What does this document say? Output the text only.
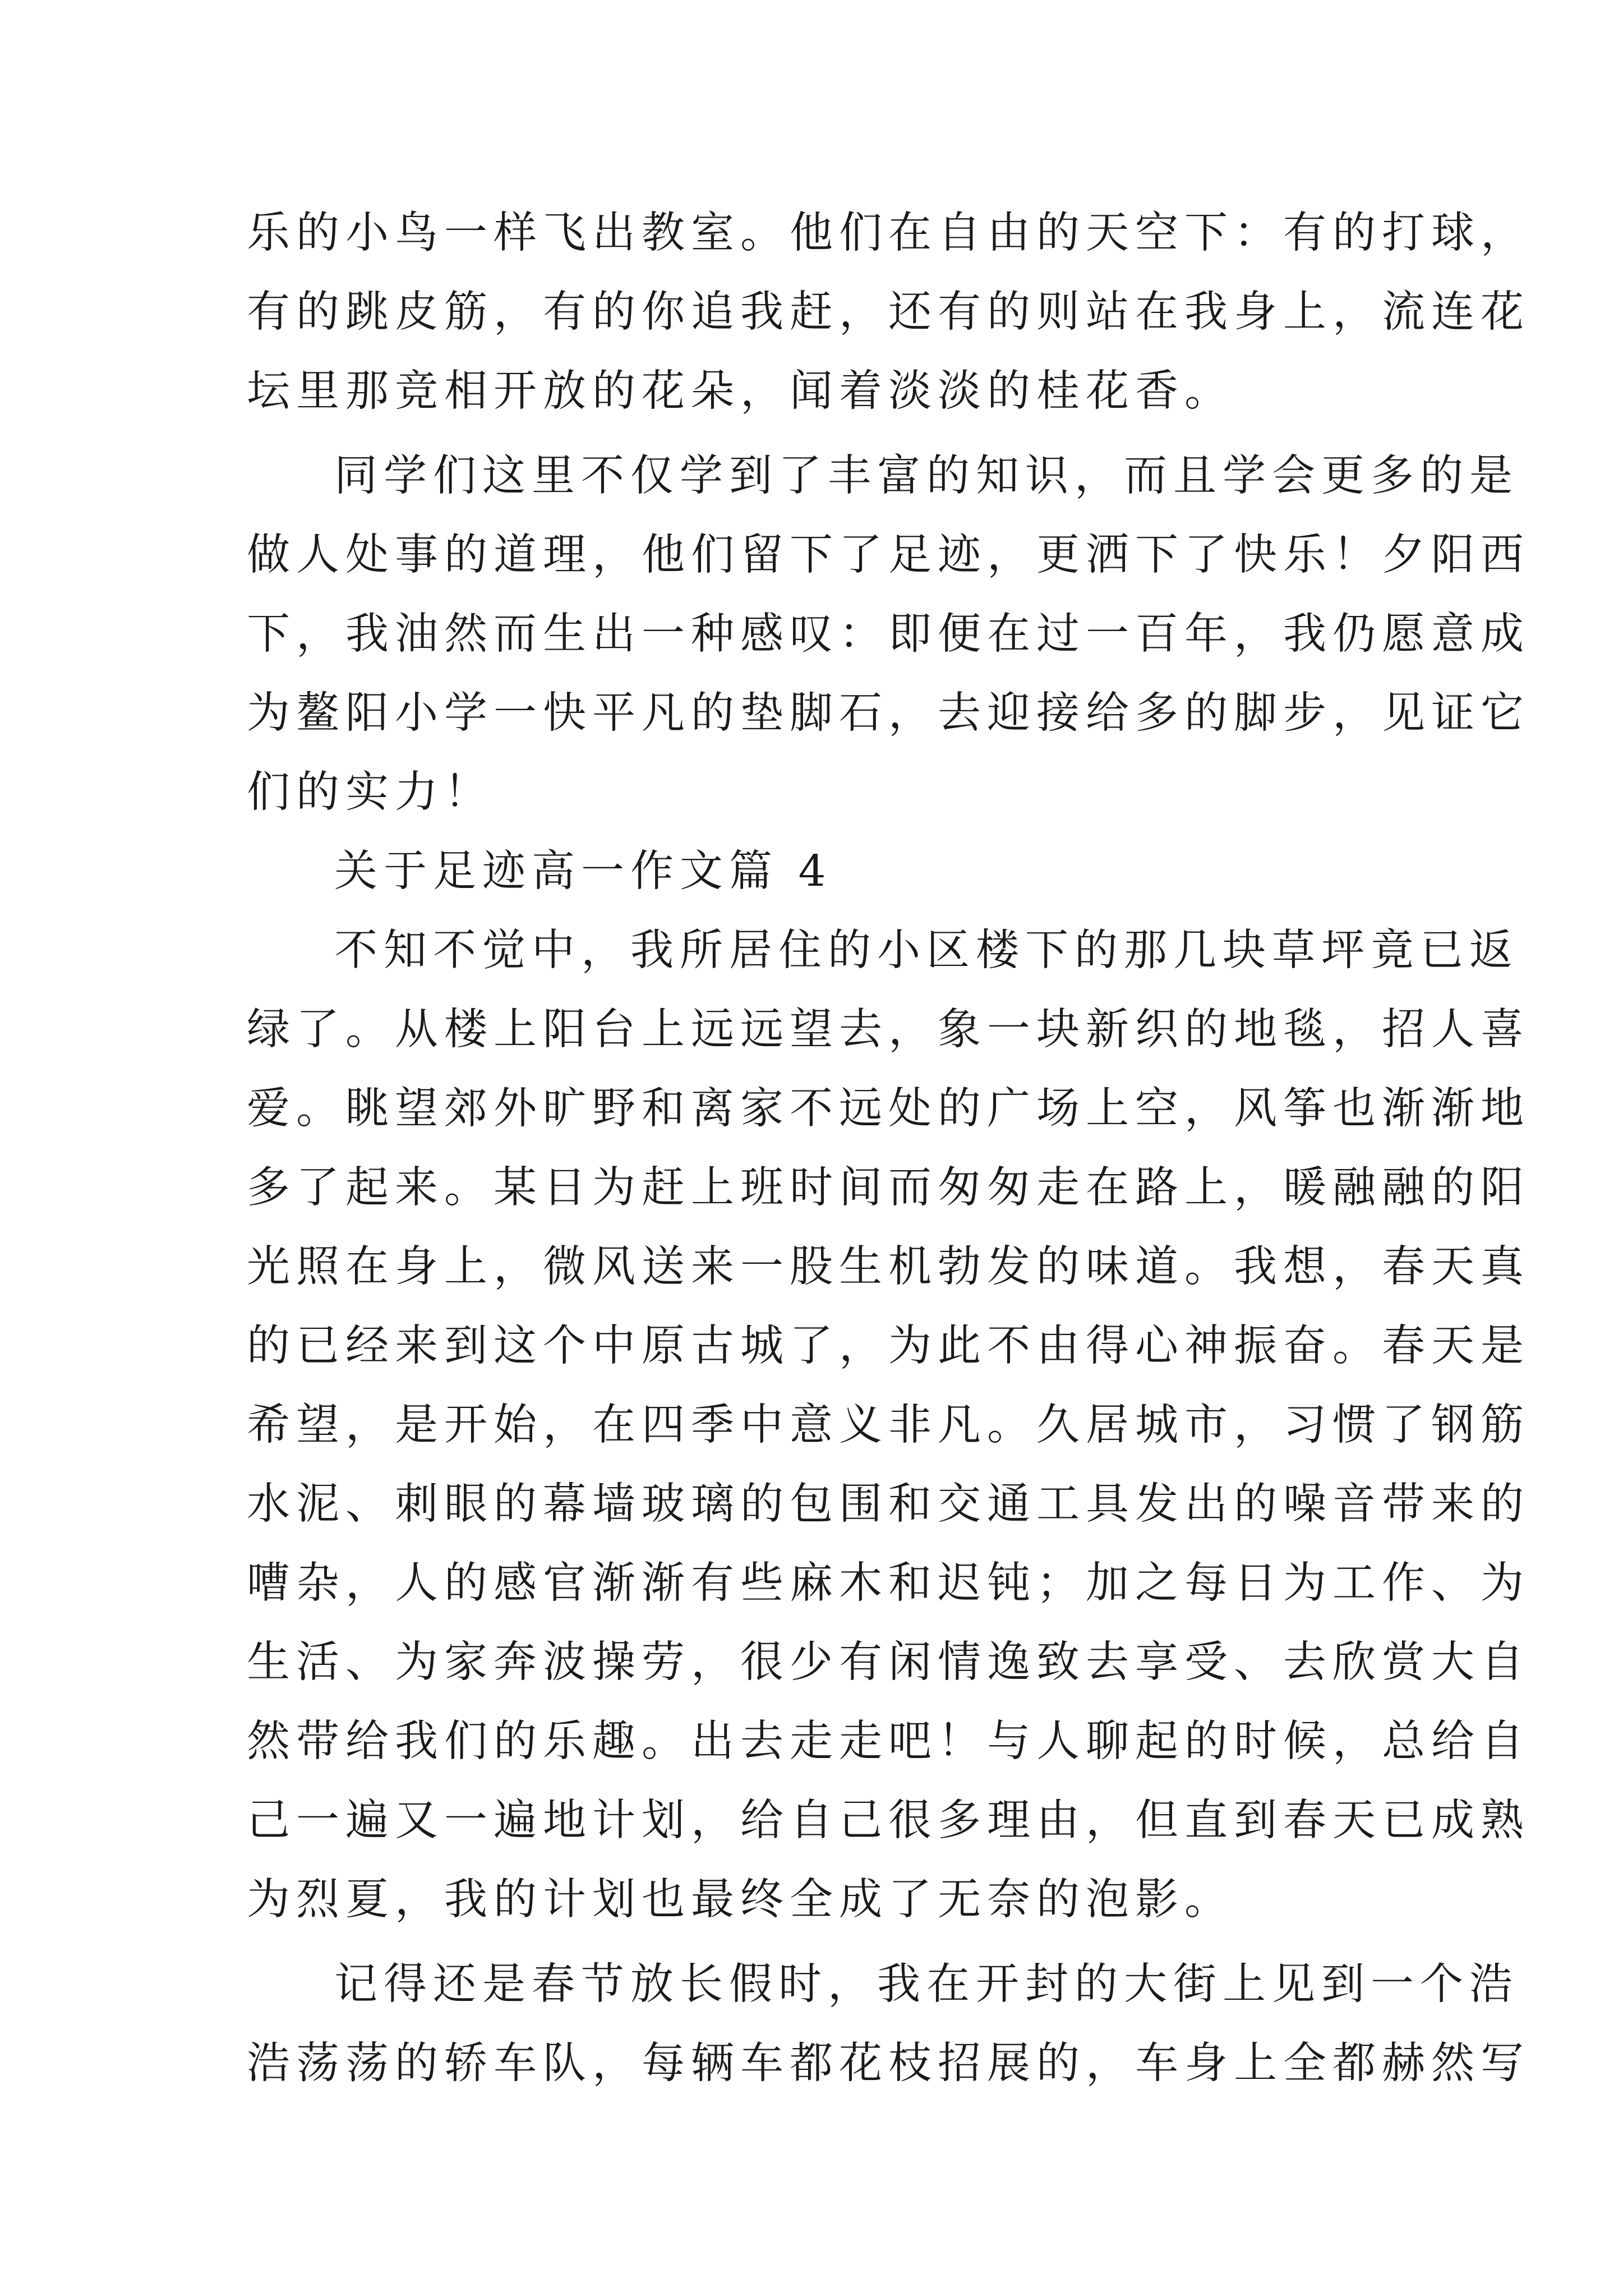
乐的小鸟一样飞出教室。他们在自由的天空下：有的打球，
有的跳皮筋，有的你追我赶，还有的则站在我身上，流连花
坛里那竞相开放的花朵，闻着淡淡的桂花香。
同学们这里不仅学到了丰富的知识，而且学会更多的是
做人处事的道理，他们留下了足迹，更洒下了快乐！夕阳西
下，我油然而生出一种感叹：即便在过一百年，我仍愿意成
为鳌阳小学一快平凡的垫脚石，去迎接给多的脚步，见证它
们的实力！
关于足迹高一作文篇 4
不知不觉中，我所居住的小区楼下的那几块草坪竟已返
绿了。从楼上阳台上远远望去，象一块新织的地毯，招人喜
爱。眺望郊外旷野和离家不远处的广场上空，风筝也渐渐地
多了起来。某日为赶上班时间而匆匆走在路上，暖融融的阳
光照在身上，微风送来一股生机勃发的味道。我想，春天真
的已经来到这个中原古城了，为此不由得心神振奋。春天是
希望，是开始，在四季中意义非凡。久居城市，习惯了钢筋
水泥、刺眼的幕墙玻璃的包围和交通工具发出的噪音带来的
嘈杂，人的感官渐渐有些麻木和迟钝；加之每日为工作、为
生活、为家奔波操劳，很少有闲情逸致去享受、去欣赏大自
然带给我们的乐趣。出去走走吧！与人聊起的时候，总给自
己一遍又一遍地计划，给自己很多理由，但直到春天已成熟
为烈夏，我的计划也最终全成了无奈的泡影。
记得还是春节放长假时，我在开封的大街上见到一个浩
浩荡荡的轿车队，每辆车都花枝招展的，车身上全都赫然写
